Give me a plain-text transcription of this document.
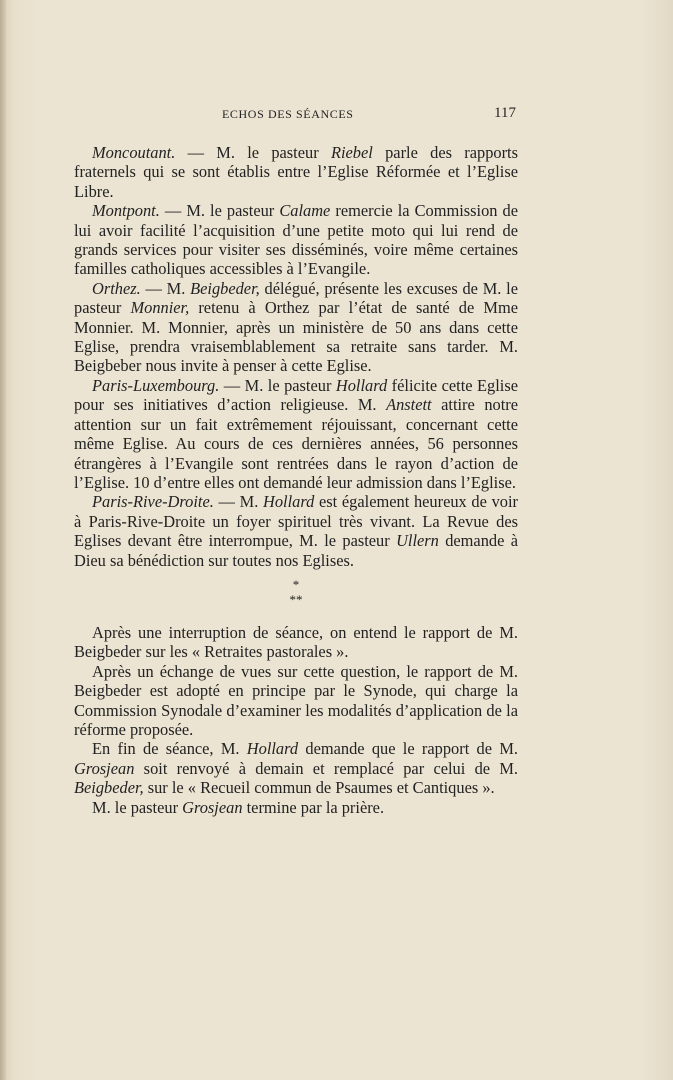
ECHOS DES SÉANCES	117

Moncoutant. — M. le pasteur Riebel parle des rapports fraternels qui se sont établis entre l’Eglise Réformée et l’Eglise Libre.

Montpont. — M. le pasteur Calame remercie la Commission de lui avoir facilité l’acquisition d’une petite moto qui lui rend de grands services pour visiter ses disséminés, voire même certaines familles catholiques accessibles à l’Evangile.

Orthez. — M. Beigbeder, délégué, présente les excuses de M. le pasteur Monnier, retenu à Orthez par l’état de santé de Mme Monnier. M. Monnier, après un ministère de 50 ans dans cette Eglise, prendra vraisemblablement sa retraite sans tarder. M. Beigbeber nous invite à penser à cette Eglise.

Paris-Luxembourg. — M. le pasteur Hollard félicite cette Eglise pour ses initiatives d’action religieuse. M. Anstett attire notre attention sur un fait extrêmement réjouissant, concernant cette même Eglise. Au cours de ces dernières années, 56 personnes étrangères à l’Evangile sont rentrées dans le rayon d’action de l’Eglise. 10 d’entre elles ont demandé leur admission dans l’Eglise.

Paris-Rive-Droite. — M. Hollard est également heureux de voir à Paris-Rive-Droite un foyer spirituel très vivant. La Revue des Eglises devant être interrompue, M. le pasteur Ullern demande à Dieu sa bénédiction sur toutes nos Eglises.

*
**

Après une interruption de séance, on entend le rapport de M. Beigbeder sur les « Retraites pastorales ».

Après un échange de vues sur cette question, le rapport de M. Beigbeder est adopté en principe par le Synode, qui charge la Commission Synodale d’examiner les modalités d’application de la réforme proposée.

En fin de séance, M. Hollard demande que le rapport de M. Grosjean soit renvoyé à demain et remplacé par celui de M. Beigbeder, sur le « Recueil commun de Psaumes et Cantiques ».

M. le pasteur Grosjean termine par la prière.
